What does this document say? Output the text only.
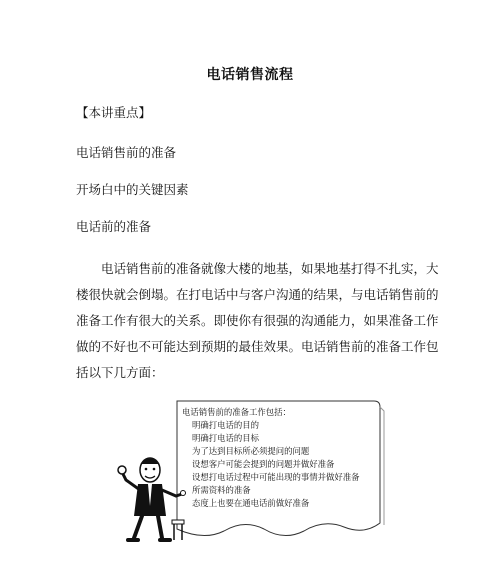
电话销售流程
【本讲重点】
电话销售前的准备
开场白中的关键因素
电话前的准备
电话销售前的准备就像大楼的地基，如果地基打得不扎实，大
楼很快就会倒塌。在打电话中与客户沟通的结果，与电话销售前的
准备工作有很大的关系。即使你有很强的沟通能力，如果准备工作
做的不好也不可能达到预期的最佳效果。电话销售前的准备工作包
括以下几方面：
电话销售前的准备工作包括：
明确打电话的目的
明确打电话的目标
为了达到目标所必须提问的问题
设想客户可能会提到的问题并做好准备
设想打电话过程中可能出现的事情并做好准备
所需资料的准备
态度上也要在通电话前做好准备
